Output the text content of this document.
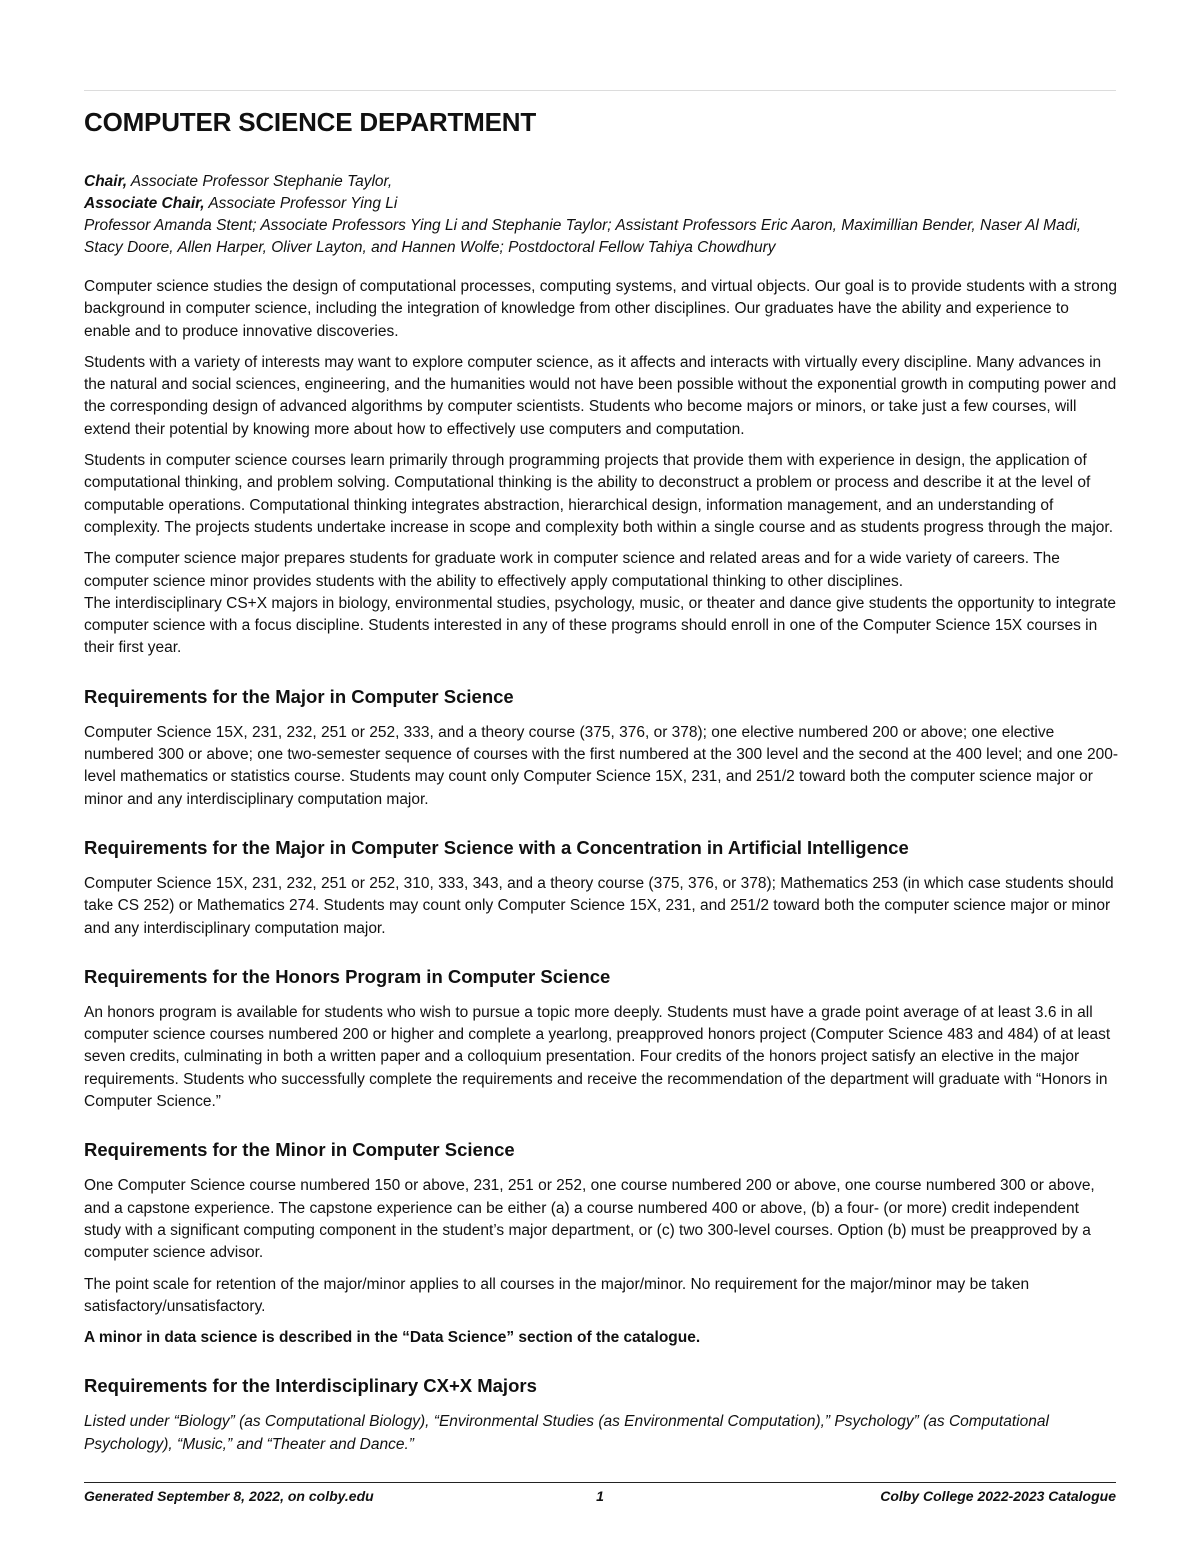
COMPUTER SCIENCE DEPARTMENT
Chair, Associate Professor Stephanie Taylor,
Associate Chair, Associate Professor Ying Li
Professor Amanda Stent; Associate Professors Ying Li and Stephanie Taylor; Assistant Professors Eric Aaron, Maximillian Bender, Naser Al Madi, Stacy Doore, Allen Harper, Oliver Layton, and Hannen Wolfe; Postdoctoral Fellow Tahiya Chowdhury

Computer science studies the design of computational processes, computing systems, and virtual objects. Our goal is to provide students with a strong background in computer science, including the integration of knowledge from other disciplines. Our graduates have the ability and experience to enable and to produce innovative discoveries.

Students with a variety of interests may want to explore computer science, as it affects and interacts with virtually every discipline. Many advances in the natural and social sciences, engineering, and the humanities would not have been possible without the exponential growth in computing power and the corresponding design of advanced algorithms by computer scientists. Students who become majors or minors, or take just a few courses, will extend their potential by knowing more about how to effectively use computers and computation.

Students in computer science courses learn primarily through programming projects that provide them with experience in design, the application of computational thinking, and problem solving. Computational thinking is the ability to deconstruct a problem or process and describe it at the level of computable operations. Computational thinking integrates abstraction, hierarchical design, information management, and an understanding of complexity. The projects students undertake increase in scope and complexity both within a single course and as students progress through the major.

The computer science major prepares students for graduate work in computer science and related areas and for a wide variety of careers. The computer science minor provides students with the ability to effectively apply computational thinking to other disciplines.

The interdisciplinary CS+X majors in biology, environmental studies, psychology, music, or theater and dance give students the opportunity to integrate computer science with a focus discipline. Students interested in any of these programs should enroll in one of the Computer Science 15X courses in their first year.

Requirements for the Major in Computer Science

Computer Science 15X, 231, 232, 251 or 252, 333, and a theory course (375, 376, or 378); one elective numbered 200 or above; one elective numbered 300 or above; one two-semester sequence of courses with the first numbered at the 300 level and the second at the 400 level; and one 200-level mathematics or statistics course. Students may count only Computer Science 15X, 231, and 251/2 toward both the computer science major or minor and any interdisciplinary computation major.

Requirements for the Major in Computer Science with a Concentration in Artificial Intelligence

Computer Science 15X, 231, 232, 251 or 252, 310, 333, 343, and a theory course (375, 376, or 378); Mathematics 253 (in which case students should take CS 252) or Mathematics 274. Students may count only Computer Science 15X, 231, and 251/2 toward both the computer science major or minor and any interdisciplinary computation major.

Requirements for the Honors Program in Computer Science

An honors program is available for students who wish to pursue a topic more deeply. Students must have a grade point average of at least 3.6 in all computer science courses numbered 200 or higher and complete a yearlong, preapproved honors project (Computer Science 483 and 484) of at least seven credits, culminating in both a written paper and a colloquium presentation. Four credits of the honors project satisfy an elective in the major requirements. Students who successfully complete the requirements and receive the recommendation of the department will graduate with “Honors in Computer Science.”

Requirements for the Minor in Computer Science

One Computer Science course numbered 150 or above, 231, 251 or 252, one course numbered 200 or above, one course numbered 300 or above, and a capstone experience. The capstone experience can be either (a) a course numbered 400 or above, (b) a four- (or more) credit independent study with a significant computing component in the student’s major department, or (c) two 300-level courses. Option (b) must be preapproved by a computer science advisor.

The point scale for retention of the major/minor applies to all courses in the major/minor. No requirement for the major/minor may be taken satisfactory/unsatisfactory.

A minor in data science is described in the “Data Science” section of the catalogue.

Requirements for the Interdisciplinary CX+X Majors

Listed under “Biology” (as Computational Biology), “Environmental Studies (as Environmental Computation),” Psychology” (as Computational Psychology), “Music,” and “Theater and Dance.”

Generated September 8, 2022, on colby.edu	1	Colby College 2022-2023 Catalogue
